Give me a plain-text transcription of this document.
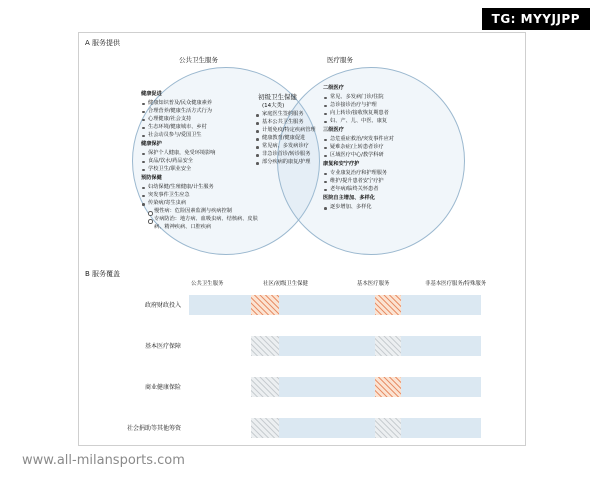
TG: MYYJJPP
www.all-milansports.com
A 服务提供
公共卫生服务	医疗服务
初级卫生保健
(14大类)
健康促进
健康知识普及/民众健康素养
合理营养/健康生活方式行为
心理健康/社会支持
生态环境/健康城市、乡村
社会动员参与/爱国卫生
健康保护
保护个人健康，免受环境影响
食品/饮水/药品安全
学校卫生/职业安全
预防保健
妇幼保健/生殖健康/计生服务
突发事件卫生应急
传染病/寄生虫病
慢性病：危险因素监测与疾病控制
专病防治：地方病、血吸虫病、结核病、皮肤病、精神疾病、口腔疾病
家庭医生签约服务
基本公共卫生服务
计划免疫/特定疾病管理
健康教育/健康促进
常见病、多发病诊疗
非急诊首诊/转诊服务
部分疾病的康复/护理
二级医疗
常见、多发病门诊/住院
急诊接诊治疗与护理
向上转诊/接收恢复期患者
妇、产、儿、中医、康复
三级医疗
急危重症救治/突发事件应对
疑难杂症/上转患者诊疗
区域医疗中心/教学科研
康复和安宁疗护
专业康复治疗和护理服务
维护/提升患者安宁疗护
老年病/临终关怀患者
医院自主增加、多样化
逐步增加、多样化
B 服务覆盖
公共卫生服务	社区/初级卫生保健	基本医疗服务	非基本医疗服务/特殊服务
政府财政投入
基本医疗保障
商业健康保险
社会捐助等其他筹资
